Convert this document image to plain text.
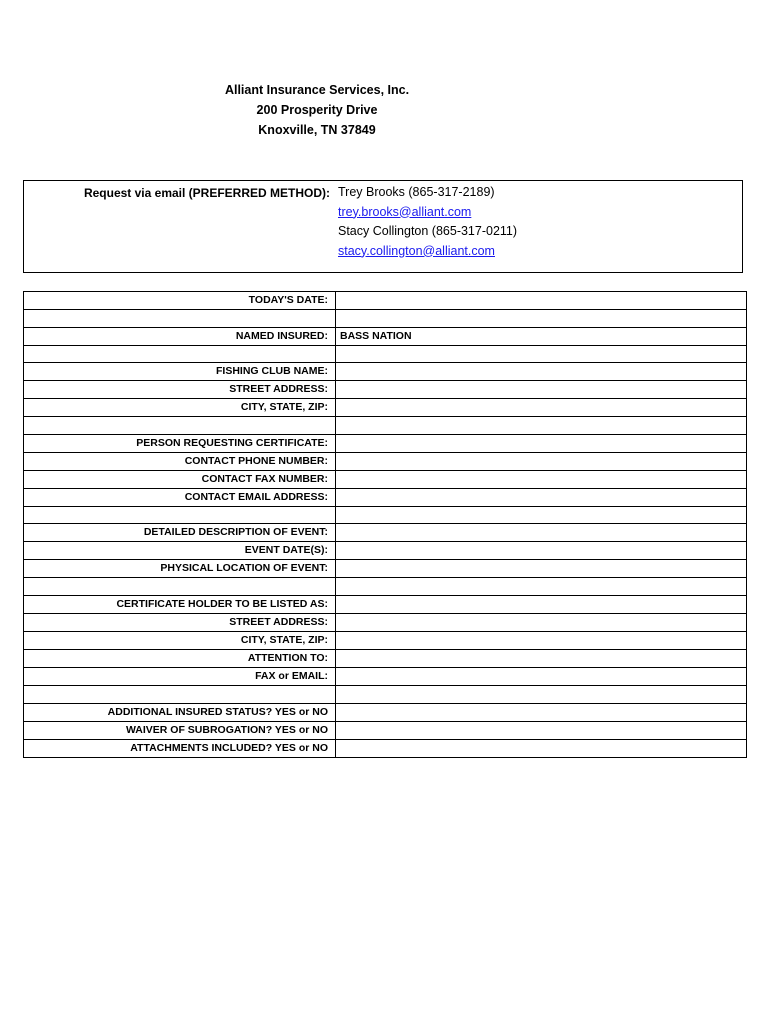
Alliant Insurance Services, Inc.
200 Prosperity Drive
Knoxville, TN 37849
Request via email (PREFERRED METHOD): Trey Brooks (865-317-2189)
trey.brooks@alliant.com
Stacy Collington (865-317-0211)
stacy.collington@alliant.com
TODAY'S DATE:	

NAMED INSURED:	BASS NATION

FISHING CLUB NAME:	
STREET ADDRESS:	
CITY, STATE, ZIP:	

PERSON REQUESTING CERTIFICATE:	
CONTACT PHONE NUMBER:	
CONTACT FAX NUMBER:	
CONTACT EMAIL ADDRESS:	

DETAILED DESCRIPTION OF EVENT:	
EVENT DATE(S):	
PHYSICAL LOCATION OF EVENT:	

CERTIFICATE HOLDER TO BE LISTED AS:	
STREET ADDRESS:	
CITY, STATE, ZIP:	
ATTENTION TO:	
FAX or EMAIL:	

ADDITIONAL INSURED STATUS? YES or NO	
WAIVER OF SUBROGATION? YES or NO	
ATTACHMENTS INCLUDED? YES or NO	
